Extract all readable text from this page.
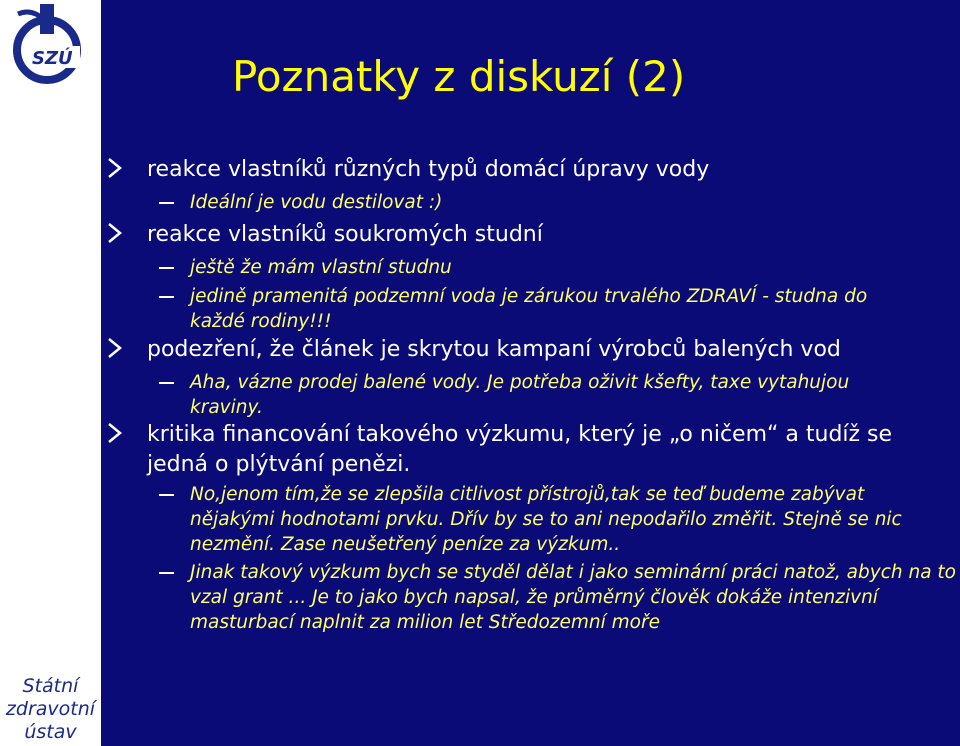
SZÚ
Státní
zdravotní
ústav
Poznatky z diskuzí (2)
reakce vlastníků různých typů domácí úpravy vody
Ideální je vodu destilovat :)
reakce vlastníků soukromých studní
ještě že mám vlastní studnu
jedině pramenitá podzemní voda je zárukou trvalého ZDRAVÍ - studna do každé rodiny!!!
podezření, že článek je skrytou kampaní výrobců balených vod
Aha, vázne prodej balené vody. Je potřeba oživit kšefty, taxe vytahujou kraviny.
kritika financování takového výzkumu, který je „o ničem“ a tudíž se jedná o plýtvání penězi.
No,jenom tím,že se zlepšila citlivost přístrojů,tak se teď budeme zabývat nějakými hodnotami prvku. Dřív by se to ani nepodařilo změřit. Stejně se nic nezmění. Zase neušetřený peníze za výzkum..
Jinak takový výzkum bych se styděl dělat i jako seminární práci natož, abych na to vzal grant ... Je to jako bych napsal, že průměrný člověk dokáže intenzivní masturbací naplnit za milion let Středozemní moře
